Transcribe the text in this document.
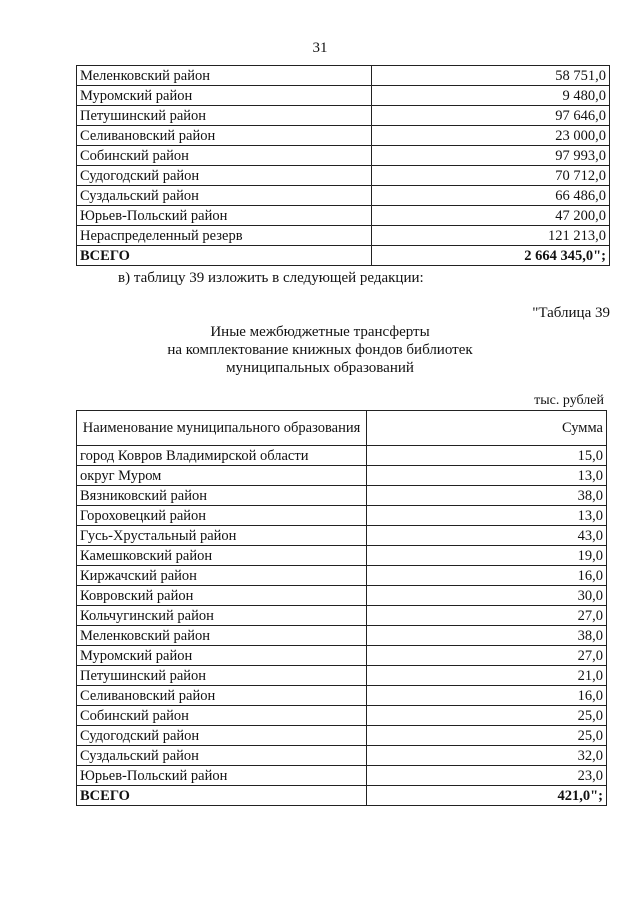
31
Меленковский район	58 751,0
Муромский район	9 480,0
Петушинский район	97 646,0
Селивановский район	23 000,0
Собинский район	97 993,0
Судогодский район	70 712,0
Суздальский район	66 486,0
Юрьев-Польский район	47 200,0
Нераспределенный резерв	121 213,0
ВСЕГО	2 664 345,0";
в) таблицу 39 изложить в следующей редакции:
"Таблица 39
Иные межбюджетные трансферты
на комплектование книжных фондов библиотек
муниципальных образований
тыс. рублей
Наименование муниципального образования	Сумма
город Ковров Владимирской области	15,0
округ Муром	13,0
Вязниковский район	38,0
Гороховецкий район	13,0
Гусь-Хрустальный район	43,0
Камешковский район	19,0
Киржачский район	16,0
Ковровский район	30,0
Кольчугинский район	27,0
Меленковский район	38,0
Муромский район	27,0
Петушинский район	21,0
Селивановский район	16,0
Собинский район	25,0
Судогодский район	25,0
Суздальский район	32,0
Юрьев-Польский район	23,0
ВСЕГО	421,0";
